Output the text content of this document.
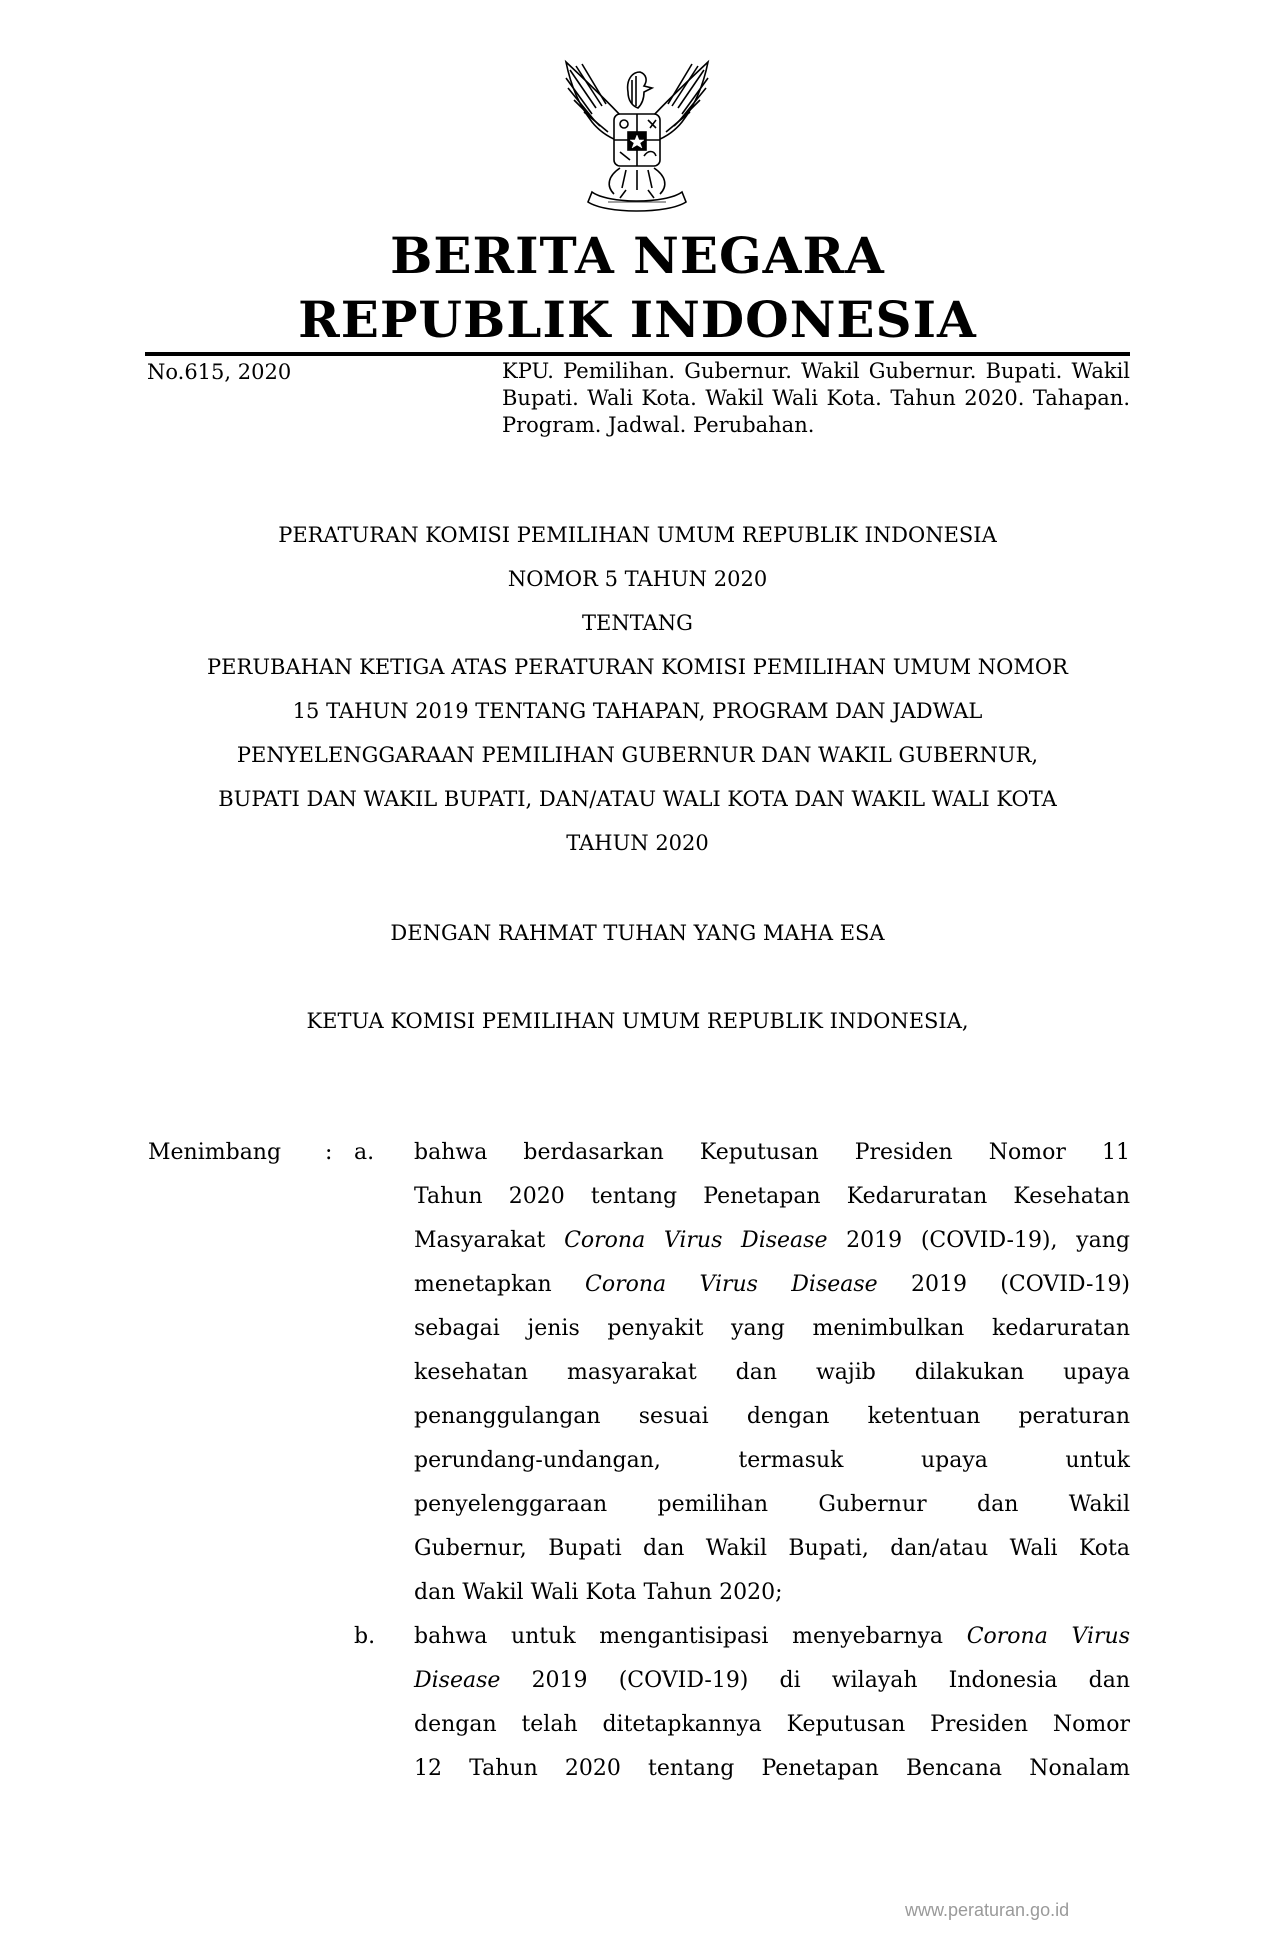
BERITA NEGARA
REPUBLIK INDONESIA
No.615, 2020	KPU. Pemilihan. Gubernur. Wakil Gubernur. Bupati. Wakil Bupati. Wali Kota. Wakil Wali Kota. Tahun 2020. Tahapan. Program. Jadwal. Perubahan.
PERATURAN KOMISI PEMILIHAN UMUM REPUBLIK INDONESIA
NOMOR 5 TAHUN 2020
TENTANG
PERUBAHAN KETIGA ATAS PERATURAN KOMISI PEMILIHAN UMUM NOMOR
15 TAHUN 2019 TENTANG TAHAPAN, PROGRAM DAN JADWAL
PENYELENGGARAAN PEMILIHAN GUBERNUR DAN WAKIL GUBERNUR,
BUPATI DAN WAKIL BUPATI, DAN/ATAU WALI KOTA DAN WAKIL WALI KOTA
TAHUN 2020
DENGAN RAHMAT TUHAN YANG MAHA ESA
KETUA KOMISI PEMILIHAN UMUM REPUBLIK INDONESIA,
Menimbang : a. bahwa berdasarkan Keputusan Presiden Nomor 11
Tahun 2020 tentang Penetapan Kedaruratan Kesehatan
Masyarakat Corona Virus Disease 2019 (COVID-19), yang
menetapkan Corona Virus Disease 2019 (COVID-19)
sebagai jenis penyakit yang menimbulkan kedaruratan
kesehatan masyarakat dan wajib dilakukan upaya
penanggulangan sesuai dengan ketentuan peraturan
perundang-undangan, termasuk upaya untuk
penyelenggaraan pemilihan Gubernur dan Wakil
Gubernur, Bupati dan Wakil Bupati, dan/atau Wali Kota
dan Wakil Wali Kota Tahun 2020;
b. bahwa untuk mengantisipasi menyebarnya Corona Virus
Disease 2019 (COVID-19) di wilayah Indonesia dan
dengan telah ditetapkannya Keputusan Presiden Nomor
12 Tahun 2020 tentang Penetapan Bencana Nonalam
www.peraturan.go.id
